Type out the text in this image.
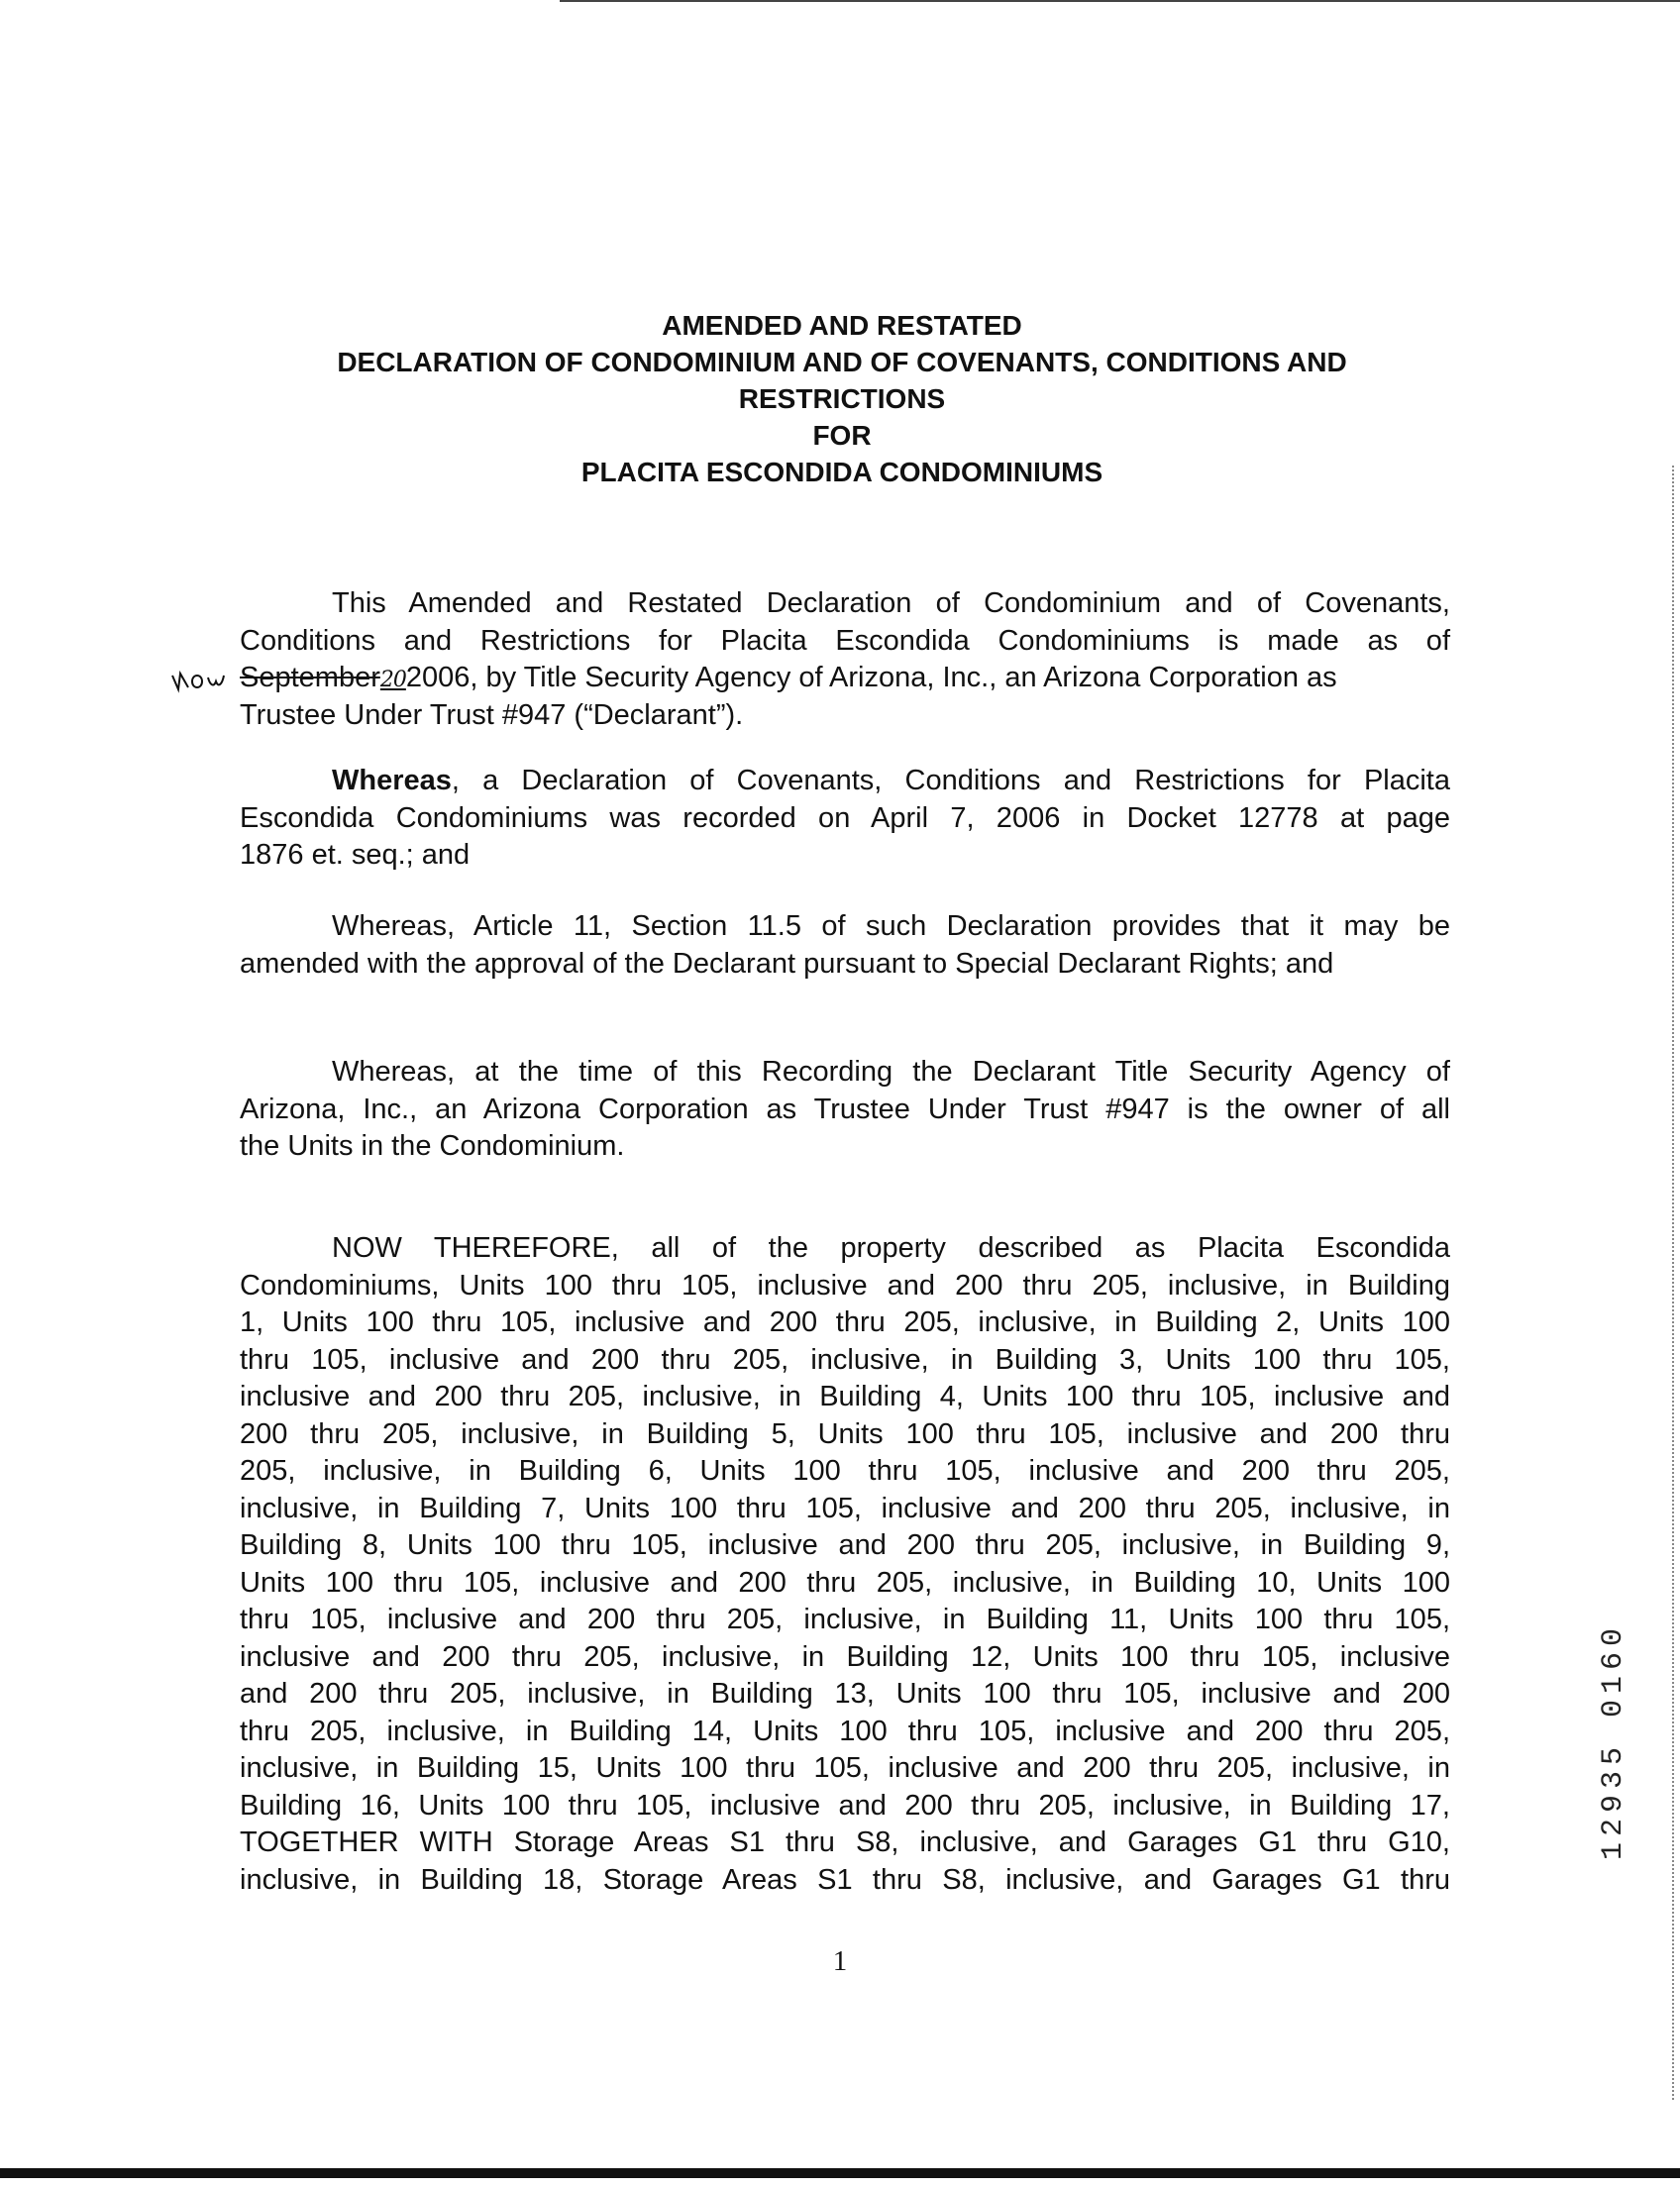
AMENDED AND RESTATED
DECLARATION OF CONDOMINIUM AND OF COVENANTS, CONDITIONS AND
RESTRICTIONS
FOR
PLACITA ESCONDIDA CONDOMINIUMS
This Amended and Restated Declaration of Condominium and of Covenants,
Conditions and Restrictions for Placita Escondida Condominiums is made as of
September202006, by Title Security Agency of Arizona, Inc., an Arizona Corporation as
Trustee Under Trust #947 (“Declarant”).
Whereas, a Declaration of Covenants, Conditions and Restrictions for Placita
Escondida Condominiums was recorded on April 7, 2006 in Docket 12778 at page
1876 et. seq.; and
Whereas, Article 11, Section 11.5 of such Declaration provides that it may be
amended with the approval of the Declarant pursuant to Special Declarant Rights; and
Whereas, at the time of this Recording the Declarant Title Security Agency of
Arizona, Inc., an Arizona Corporation as Trustee Under Trust #947 is the owner of all
the Units in the Condominium.
NOW THEREFORE, all of the property described as Placita Escondida
Condominiums, Units 100 thru 105, inclusive and 200 thru 205, inclusive, in Building
1, Units 100 thru 105, inclusive and 200 thru 205, inclusive, in Building 2, Units 100
thru 105, inclusive and 200 thru 205, inclusive, in Building 3, Units 100 thru 105,
inclusive and 200 thru 205, inclusive, in Building 4, Units 100 thru 105, inclusive and
200 thru 205, inclusive, in Building 5, Units 100 thru 105, inclusive and 200 thru
205, inclusive, in Building 6, Units 100 thru 105, inclusive and 200 thru 205,
inclusive, in Building 7, Units 100 thru 105, inclusive and 200 thru 205, inclusive, in
Building 8, Units 100 thru 105, inclusive and 200 thru 205, inclusive, in Building 9,
Units 100 thru 105, inclusive and 200 thru 205, inclusive, in Building 10, Units 100
thru 105, inclusive and 200 thru 205, inclusive, in Building 11, Units 100 thru 105,
inclusive and 200 thru 205, inclusive, in Building 12, Units 100 thru 105, inclusive
and 200 thru 205, inclusive, in Building 13, Units 100 thru 105, inclusive and 200
thru 205, inclusive, in Building 14, Units 100 thru 105, inclusive and 200 thru 205,
inclusive, in Building 15, Units 100 thru 105, inclusive and 200 thru 205, inclusive, in
Building 16, Units 100 thru 105, inclusive and 200 thru 205, inclusive, in Building 17,
TOGETHER WITH Storage Areas S1 thru S8, inclusive, and Garages G1 thru G10,
inclusive, in Building 18, Storage Areas S1 thru S8, inclusive, and Garages G1 thru
1
12935 0160
